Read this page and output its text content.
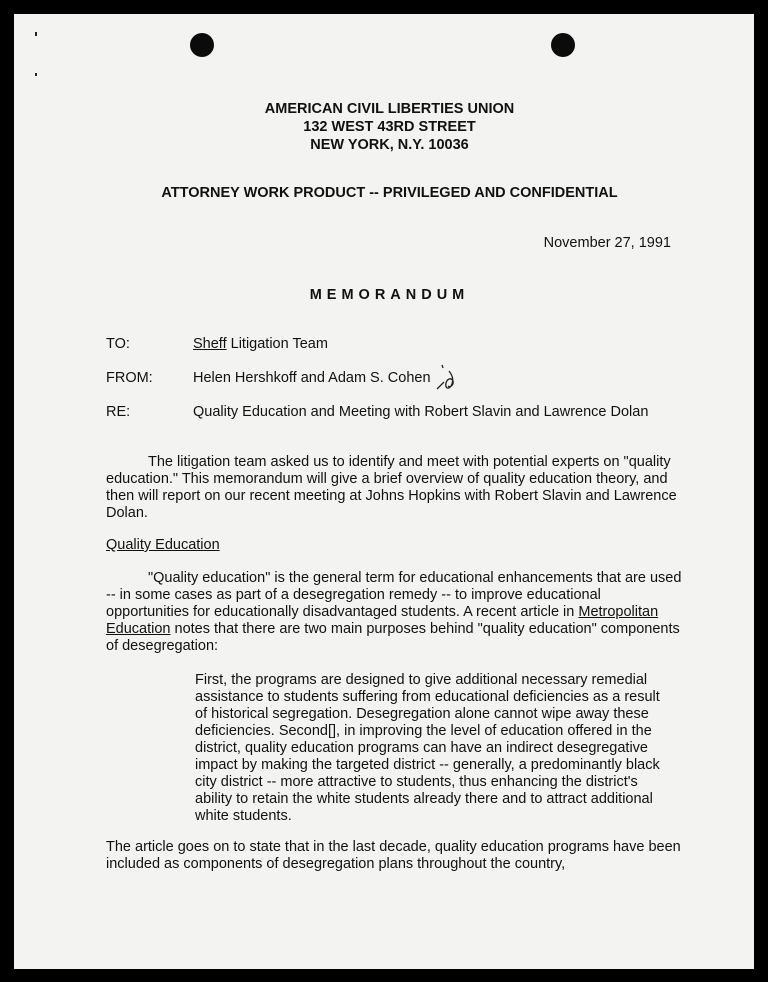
AMERICAN CIVIL LIBERTIES UNION
132 WEST 43RD STREET
NEW YORK, N.Y. 10036
ATTORNEY WORK PRODUCT -- PRIVILEGED AND CONFIDENTIAL
November 27, 1991
MEMORANDUM
TO:	Sheff Litigation Team
FROM:	Helen Hershkoff and Adam S. Cohen
RE:	Quality Education and Meeting with Robert Slavin and Lawrence Dolan

The litigation team asked us to identify and meet with potential experts on "quality education." This memorandum will give a brief overview of quality education theory, and then will report on our recent meeting at Johns Hopkins with Robert Slavin and Lawrence Dolan.

Quality Education

"Quality education" is the general term for educational enhancements that are used -- in some cases as part of a desegregation remedy -- to improve educational opportunities for educationally disadvantaged students. A recent article in Metropolitan Education notes that there are two main purposes behind "quality education" components of desegregation:

First, the programs are designed to give additional necessary remedial assistance to students suffering from educational deficiencies as a result of historical segregation. Desegregation alone cannot wipe away these deficiencies. Second[], in improving the level of education offered in the district, quality education programs can have an indirect desegregative impact by making the targeted district -- generally, a predominantly black city district -- more attractive to students, thus enhancing the district's ability to retain the white students already there and to attract additional white students.

The article goes on to state that in the last decade, quality education programs have been included as components of desegregation plans throughout the country,
